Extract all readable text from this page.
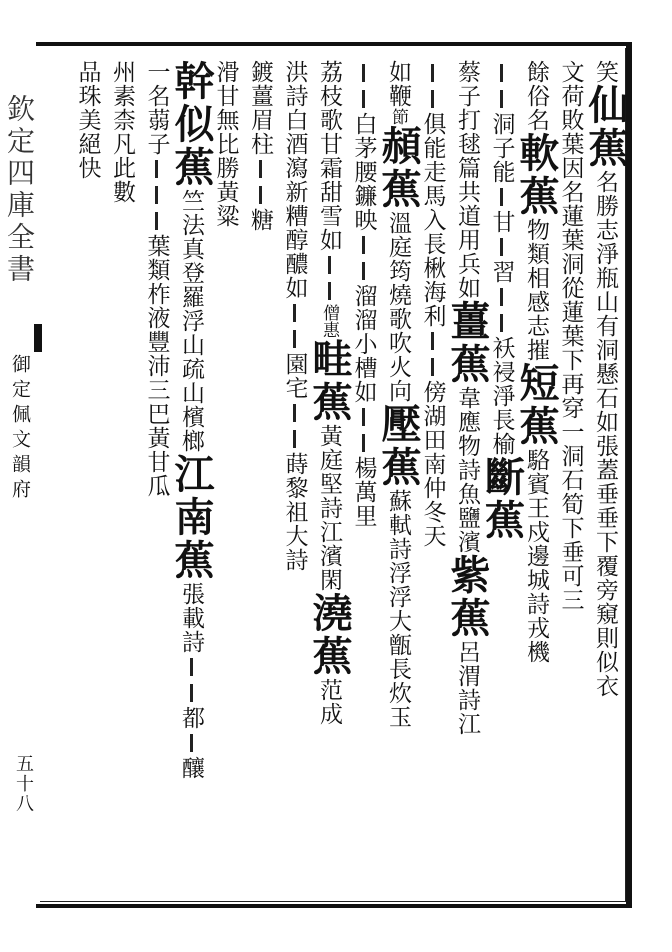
欽定四庫全書
御定佩文韻府
五十八
笑仙蕉名勝志淨瓶山有洞懸石如張蓋垂垂下覆旁窺則似衣
文荷敗葉因名蓮葉洞從蓮葉下再穿一洞石筍下垂可三
餘俗名軟蕉物類相感志摧短蕉駱賓王戍邊城詩戎機
洞子能甘習袄祲淨長榆斷蕉
蔡子打毬篇共道用兵如薑蕉韋應物詩魚鹽濱紫蕉呂渭詩江
俱能走馬入長楸海利傍湖田南仲冬天
如鞭節頳蕉溫庭筠燒歌吹火向壓蕉蘇軾詩浮浮大甑長炊玉
白茅腰鐮映溜溜小槽如楊萬里
荔枝歌甘霜甜雪如僧惠畦蕉黃庭堅詩江濱閑澆蕉范成
洪詩白酒瀉新糟醇醲如園宅蒔黎祖大詩
鍍薑眉柱糖
滑甘無比勝黃粱
幹似蕉竺法真登羅浮山疏山檳榔江南蕉張載詩都釀
一名蒻子葉類柞液豐沛三巴黃甘瓜
州素柰凡此數
品珠美絕快
